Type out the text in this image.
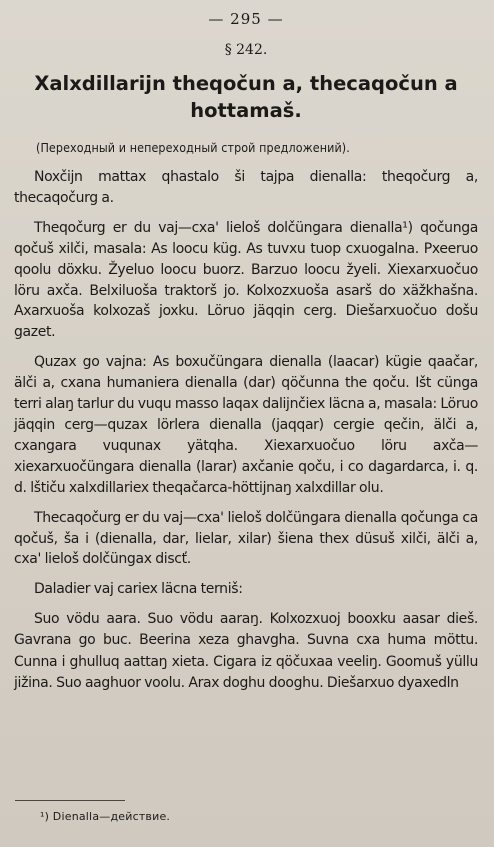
— 295 —
§ 242.
Xalxdillarijn theqočun a, thecaqočun a hottamaš.
(Переходный и непереходный строй предложений).

Noxčijn mattax qhastalo ši tajpa dienalla: theqočurg a, thecaqočurg a.

Theqočurg er du vaj—cxa' lieloš dolčüngara dienalla¹) qočunga qočuš xilči, masala: As loocu küg. As tuvxu tuop cxuogalna. Pxeeruo qoolu döxku. Žyeluo loocu buorz. Barzuo loocu žyeli. Xiexarxuočuo löru axča. Belxiluoša traktorš jo. Kolxozxuoša asarš do xäžkhašna. Axarxuoša kolxozaš joxku. Löruo jäqqin cerg. Diešarxuočuo došu gazet.

Quzax go vajna: As boxučüngara dienalla (laacar) kügie qaačar, älči a, cxana humaniera dienalla (dar) qöčunna the qoču. Išt cünga terri alaŋ tarlur du vuqu masso laqax dalijnčiex läcna a, masala: Löruo jäqqin cerg—quzax lörlera dienalla (jaqqar) cergie qečin, älči a, cxangara vuqunax yätqha. Xiexarxuočuo löru axča—xiexarxuočüngara dienalla (larar) axčanie qoču, i co dagardarca, i. q. d. lštiču xalxdillariex theqačarca-höttijnaŋ xalxdillar olu.

Thecaqočurg er du vaj—cxa' lieloš dolčüngara dienalla qočunga ca qočuš, ša i (dienalla, dar, lielar, xilar) šiena thex düsuš xilči, älči a, cxa' lieloš dolčüngax discť.

Daladier vaj cariex läcna terniš:

Suo vödu aara. Suo vödu aaraŋ. Kolxozxuoj booxku aasar dieš. Gavrana go buc. Beerina xeza ghavgha. Suvna cxa huma möttu. Cunna i ghulluq aattaŋ xieta. Cigara iz qöčuxaa veeliŋ. Goomuš yüllu jižina. Suo aaghuor voolu. Arax doghu dooghu. Diešarxuo dyaxedln

¹) Dienalla—действие.
